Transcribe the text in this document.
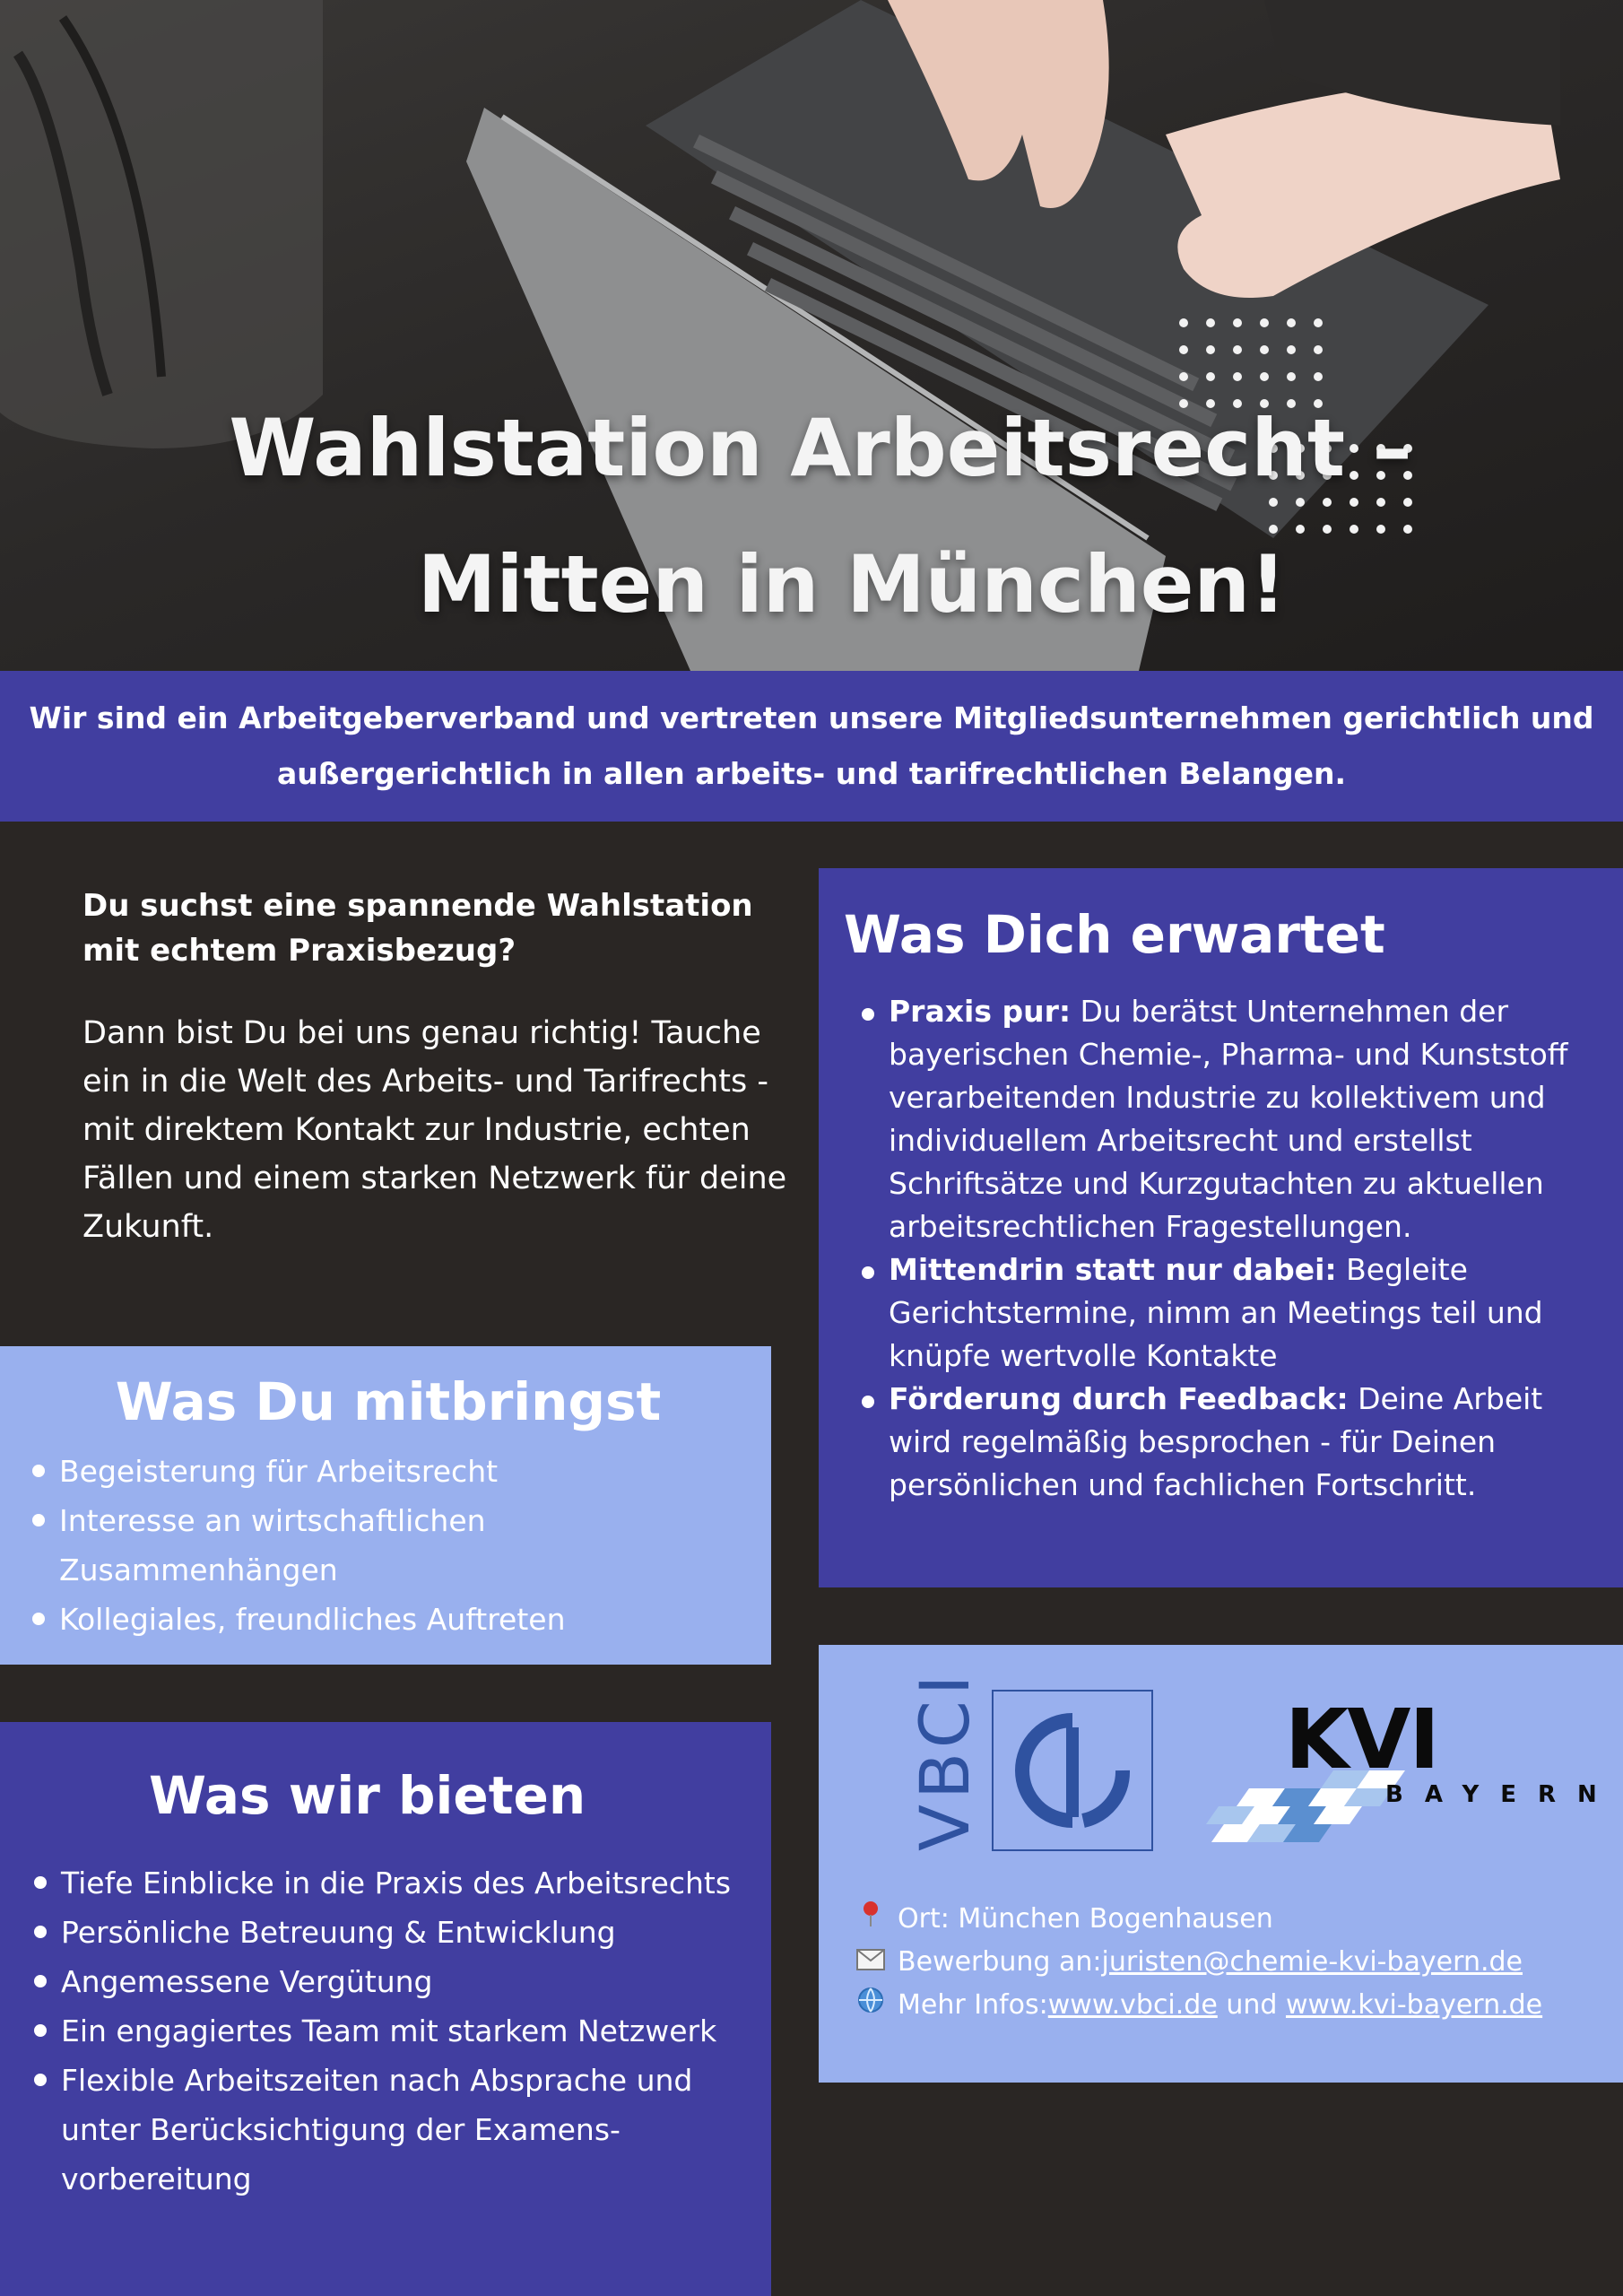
Wahlstation Arbeitsrecht –
Mitten in München!

Wir sind ein Arbeitgeberverband und vertreten unsere Mitgliedsunternehmen gerichtlich und außergerichtlich in allen arbeits- und tarifrechtlichen Belangen.

Du suchst eine spannende Wahlstation mit echtem Praxisbezug?

Dann bist Du bei uns genau richtig! Tauche ein in die Welt des Arbeits- und Tarifrechts - mit direktem Kontakt zur Industrie, echten Fällen und einem starken Netzwerk für deine Zukunft.

Was Dich erwartet
Praxis pur: Du berätst Unternehmen der bayerischen Chemie-, Pharma- und Kunststoff verarbeitenden Industrie zu kollektivem und individuellem Arbeitsrecht und erstellst Schriftsätze und Kurzgutachten zu aktuellen arbeitsrechtlichen Fragestellungen.
Mittendrin statt nur dabei: Begleite Gerichtstermine, nimm an Meetings teil und knüpfe wertvolle Kontakte
Förderung durch Feedback: Deine Arbeit wird regelmäßig besprochen - für Deinen persönlichen und fachlichen Fortschritt.
Was Du mitbringst
Begeisterung für Arbeitsrecht
Interesse an wirtschaftlichen Zusammenhängen
Kollegiales, freundliches Auftreten
Was wir bieten
Tiefe Einblicke in die Praxis des Arbeitsrechts
Persönliche Betreuung & Entwicklung
Angemessene Vergütung
Ein engagiertes Team mit starkem Netzwerk
Flexible Arbeitszeiten nach Absprache und unter Berücksichtigung der Examens-vorbereitung
VBCI	KVI
BAYERN
Ort: München Bogenhausen
Bewerbung an: juristen@chemie-kvi-bayern.de
Mehr Infos: www.vbci.de und www.kvi-bayern.de
